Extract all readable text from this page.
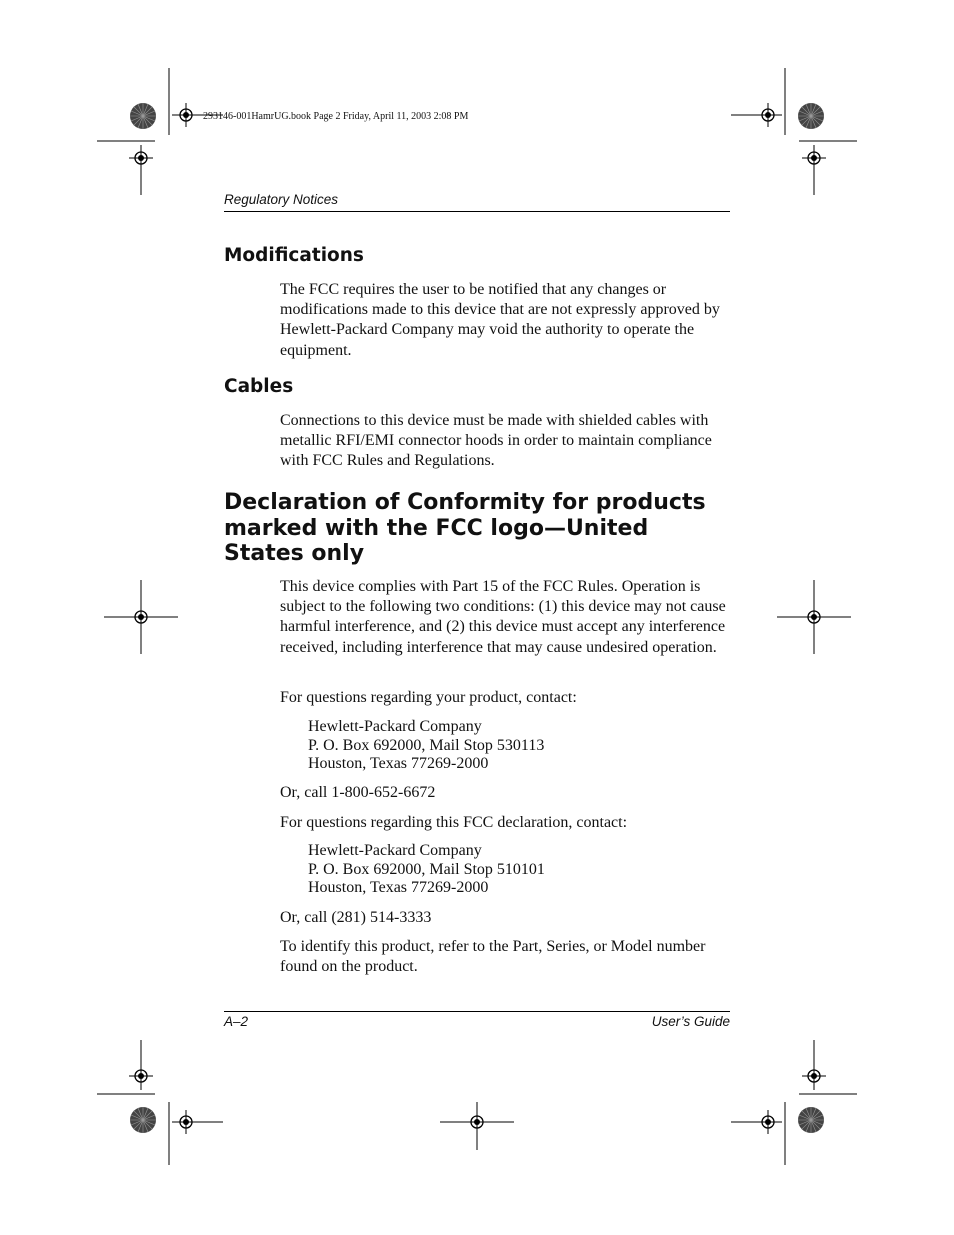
293146-001HamrUG.book Page 2 Friday, April 11, 2003 2:08 PM
Regulatory Notices
Modifications
The FCC requires the user to be notified that any changes or modifications made to this device that are not expressly approved by Hewlett-Packard Company may void the authority to operate the equipment.
Cables
Connections to this device must be made with shielded cables with metallic RFI/EMI connector hoods in order to maintain compliance with FCC Rules and Regulations.
Declaration of Conformity for products
marked with the FCC logo—United
States only
This device complies with Part 15 of the FCC Rules. Operation is subject to the following two conditions: (1) this device may not cause harmful interference, and (2) this device must accept any interference received, including interference that may cause undesired operation.
For questions regarding your product, contact:
Hewlett-Packard Company
P. O. Box 692000, Mail Stop 530113
Houston, Texas 77269-2000
Or, call 1-800-652-6672
For questions regarding this FCC declaration, contact:
Hewlett-Packard Company
P. O. Box 692000, Mail Stop 510101
Houston, Texas 77269-2000
Or, call (281) 514-3333
To identify this product, refer to the Part, Series, or Model number found on the product.
A–2	User’s Guide
